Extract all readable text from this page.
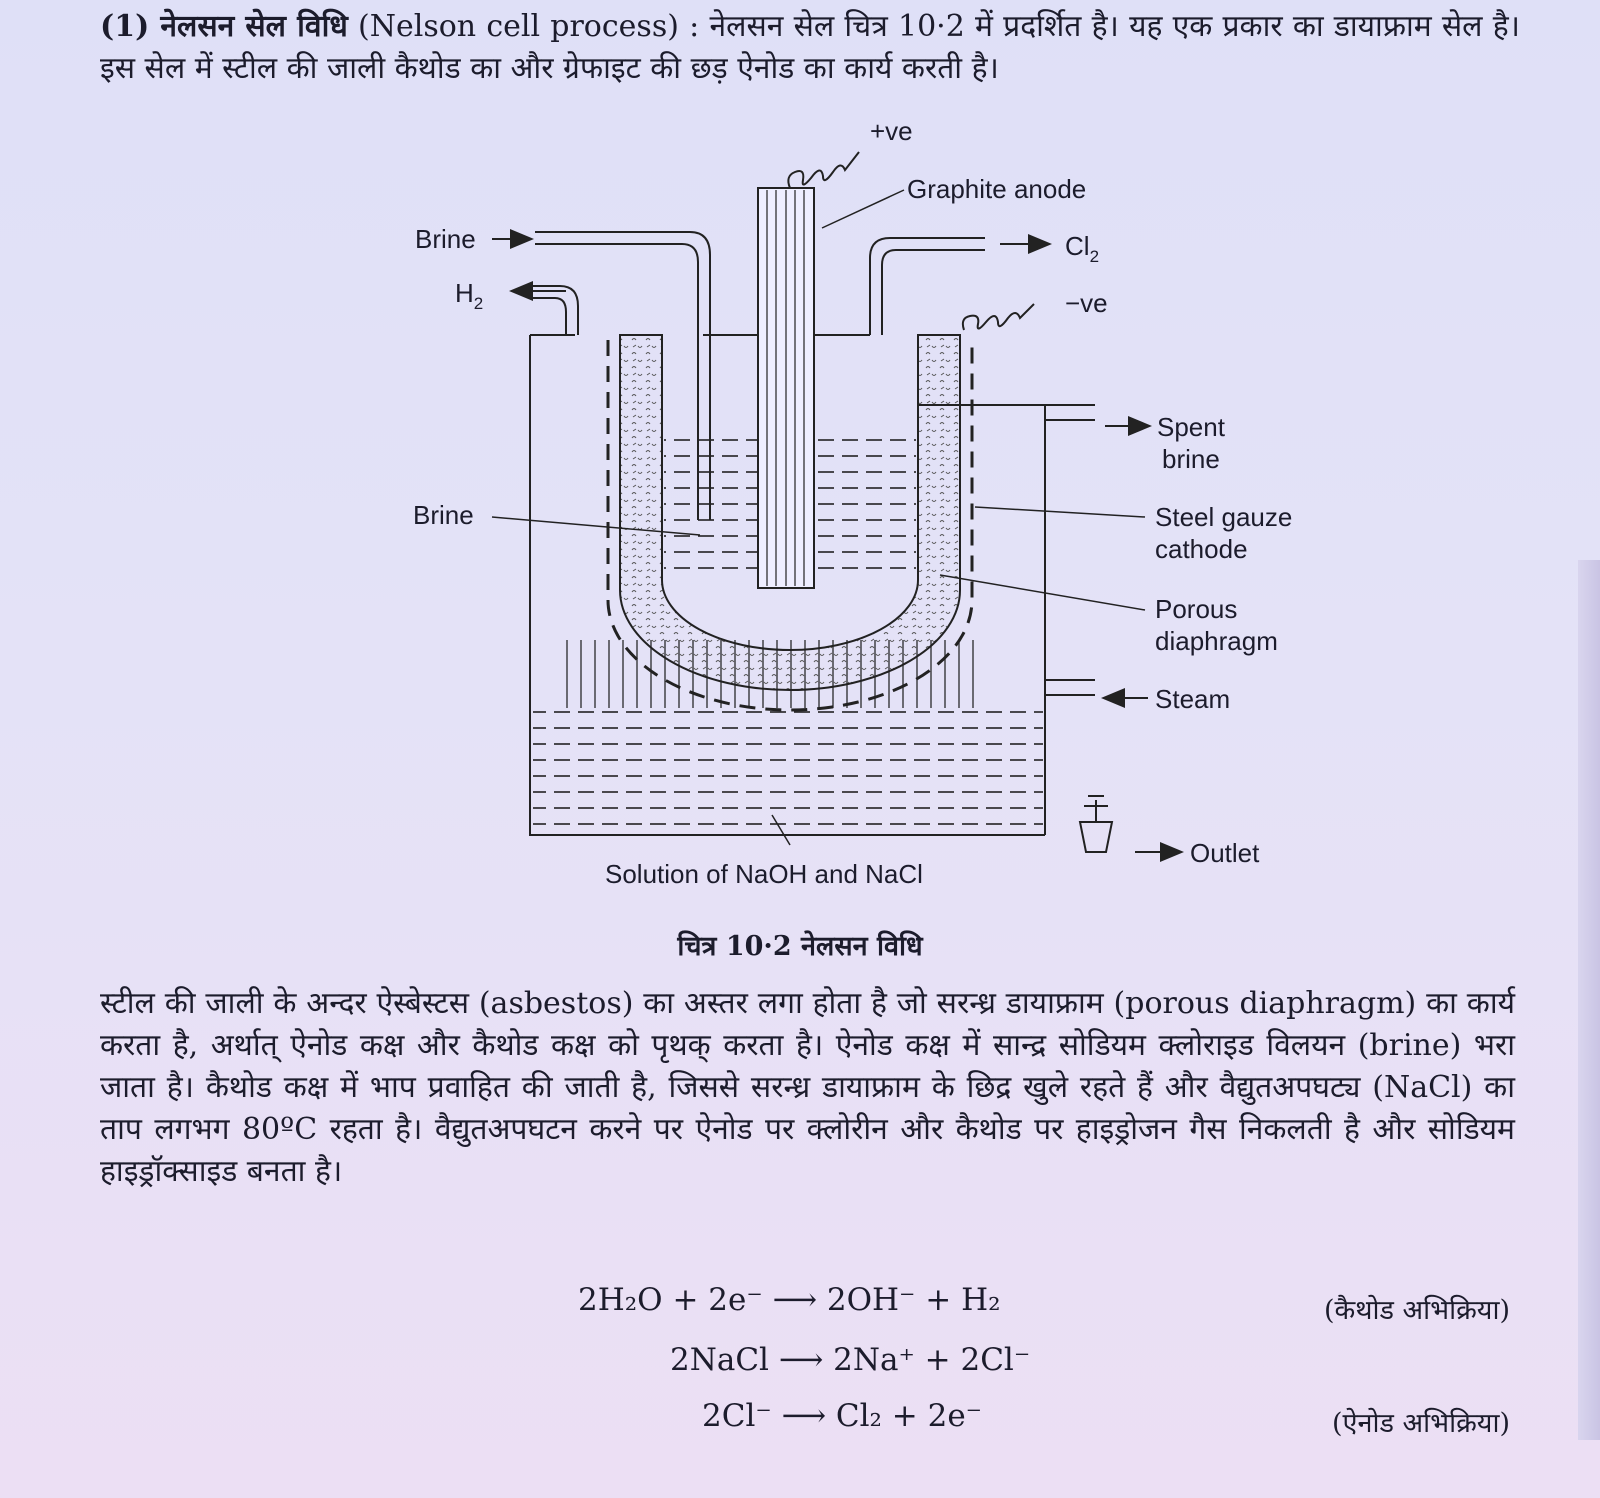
(1) नेलसन सेल विधि (Nelson cell process) : नेलसन सेल चित्र 10·2 में प्रदर्शित है। यह एक प्रकार का डायाफ्राम सेल है। इस सेल में स्टील की जाली कैथोड का और ग्रेफाइट की छड़ ऐनोड का कार्य करती है।

+ve
Graphite anode
Brine
$H_2$
$Cl_2$
−ve
Spent
brine
Brine	Steel gauze
cathode
Porous
diaphragm
Steam
Outlet
Solution of NaOH and NaCl
चित्र 10·2 नेलसन विधि

स्टील की जाली के अन्दर ऐस्बेस्टस (asbestos) का अस्तर लगा होता है जो सरन्ध्र डायाफ्राम (porous diaphragm) का कार्य करता है, अर्थात् ऐनोड कक्ष और कैथोड कक्ष को पृथक् करता है। ऐनोड कक्ष में सान्द्र सोडियम क्लोराइड विलयन (brine) भरा जाता है। कैथोड कक्ष में भाप प्रवाहित की जाती है, जिससे सरन्ध्र डायाफ्राम के छिद्र खुले रहते हैं और वैद्युतअपघट्य (NaCl) का ताप लगभग 80ºC रहता है। वैद्युतअपघटन करने पर ऐनोड पर क्लोरीन और कैथोड पर हाइड्रोजन गैस निकलती है और सोडियम हाइड्रॉक्साइड बनता है।

2H₂O + 2e⁻ ⟶ 2OH⁻ + H₂	(कैथोड अभिक्रिया)
2NaCl ⟶ 2Na⁺ + 2Cl⁻
2Cl⁻ ⟶ Cl₂ + 2e⁻	(ऐनोड अभिक्रिया)
